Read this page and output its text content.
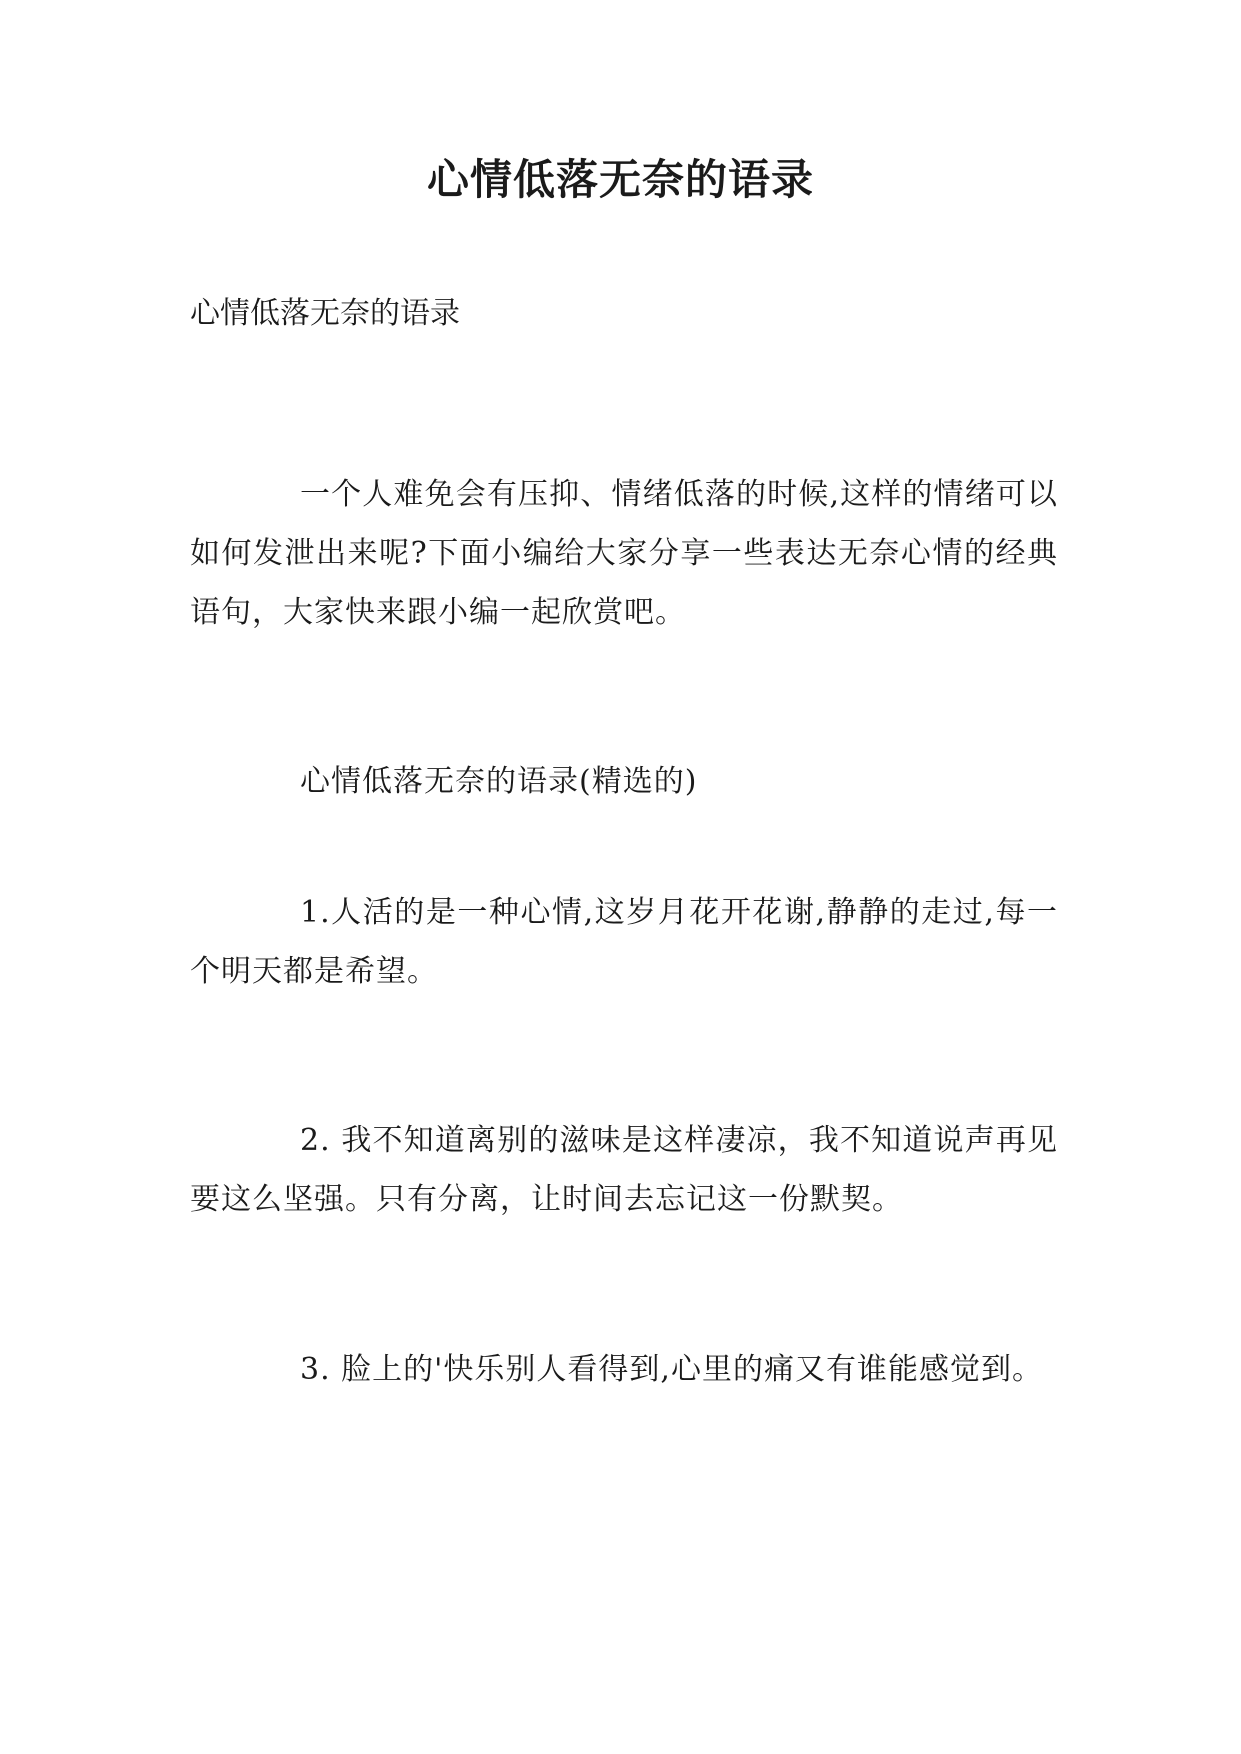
心情低落无奈的语录
心情低落无奈的语录

一个人难免会有压抑、情绪低落的时候,这样的情绪可以如何发泄出来呢?下面小编给大家分享一些表达无奈心情的经典语句，大家快来跟小编一起欣赏吧。

心情低落无奈的语录(精选的)

1.人活的是一种心情,这岁月花开花谢,静静的走过,每一个明天都是希望。

2. 我不知道离别的滋味是这样凄凉，我不知道说声再见要这么坚强。只有分离，让时间去忘记这一份默契。

3. 脸上的'快乐别人看得到,心里的痛又有谁能感觉到。
